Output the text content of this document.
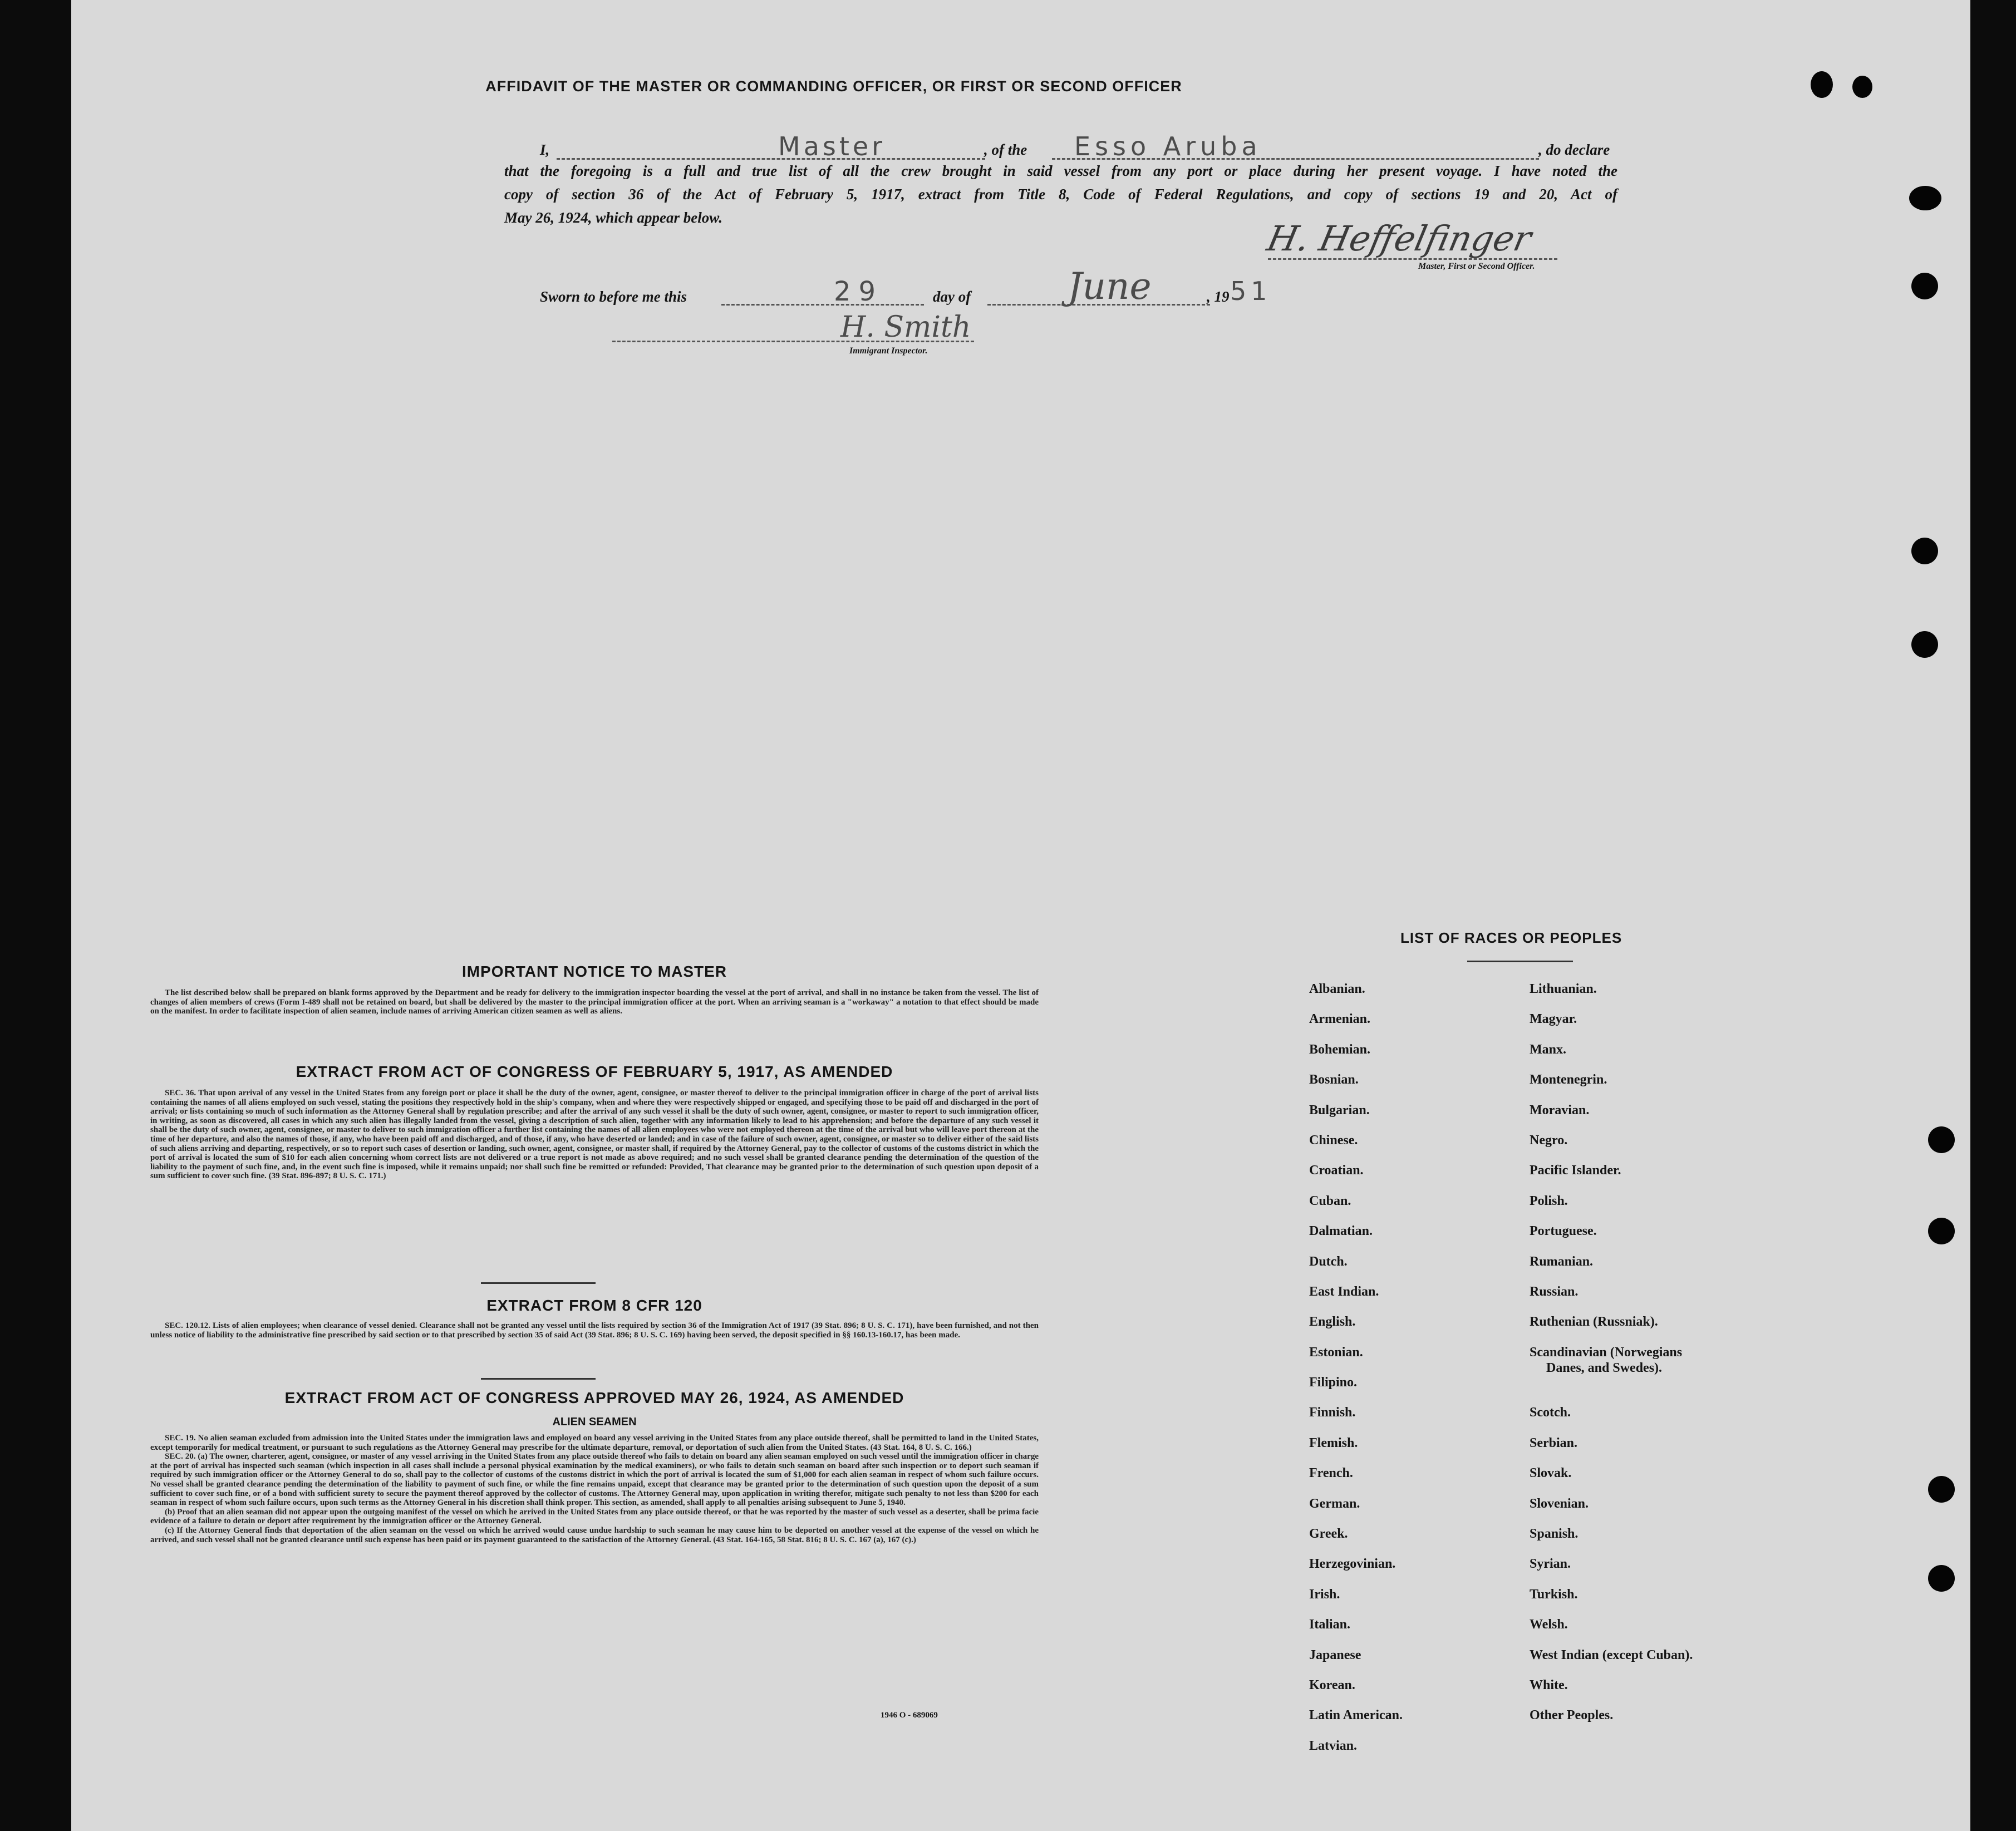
AFFIDAVIT OF THE MASTER OR COMMANDING OFFICER, OR FIRST OR SECOND OFFICER
I,	Master	, of the Esso Aruba	, do declare
that the foregoing is a full and true list of all the crew brought in said vessel from any port or place during her present voyage. I have noted the
copy of section 36 of the Act of February 5, 1917, extract from Title 8, Code of Federal Regulations, and copy of sections 19 and 20, Act of
May 26, 1924, which appear below.
H. Heffelfinger
Master, First or Second Officer.
Sworn to before me this	29	day of	June	, 19 51
H. Smith
Immigrant Inspector.
IMPORTANT NOTICE TO MASTER

The list described below shall be prepared on blank forms approved by the Department and be ready for delivery to the immigration inspector boarding the vessel at the port of arrival, and shall in no instance be taken from the vessel. The list of changes of alien members of crews (Form I-489 shall not be retained on board, but shall be delivered by the master to the principal immigration officer at the port. When an arriving seaman is a "workaway" a notation to that effect should be made on the manifest. In order to facilitate inspection of alien seamen, include names of arriving American citizen seamen as well as aliens.

EXTRACT FROM ACT OF CONGRESS OF FEBRUARY 5, 1917, AS AMENDED

SEC. 36. That upon arrival of any vessel in the United States from any foreign port or place it shall be the duty of the owner, agent, consignee, or master thereof to deliver to the principal immigration officer in charge of the port of arrival lists containing the names of all aliens employed on such vessel, stating the positions they respectively hold in the ship's company, when and where they were respectively shipped or engaged, and specifying those to be paid off and discharged in the port of arrival; or lists containing so much of such information as the Attorney General shall by regulation prescribe; and after the arrival of any such vessel it shall be the duty of such owner, agent, consignee, or master to report to such immigration officer, in writing, as soon as discovered, all cases in which any such alien has illegally landed from the vessel, giving a description of such alien, together with any information likely to lead to his apprehension; and before the departure of any such vessel it shall be the duty of such owner, agent, consignee, or master to deliver to such immigration officer a further list containing the names of all alien employees who were not employed thereon at the time of the arrival but who will leave port thereon at the time of her departure, and also the names of those, if any, who have been paid off and discharged, and of those, if any, who have deserted or landed; and in case of the failure of such owner, agent, consignee, or master so to deliver either of the said lists of such aliens arriving and departing, respectively, or so to report such cases of desertion or landing, such owner, agent, consignee, or master shall, if required by the Attorney General, pay to the collector of customs of the customs district in which the port of arrival is located the sum of $10 for each alien concerning whom correct lists are not delivered or a true report is not made as above required; and no such vessel shall be granted clearance pending the determination of the question of the liability to the payment of such fine, and, in the event such fine is imposed, while it remains unpaid; nor shall such fine be remitted or refunded: Provided, That clearance may be granted prior to the determination of such question upon deposit of a sum sufficient to cover such fine. (39 Stat. 896-897; 8 U. S. C. 171.)

EXTRACT FROM 8 CFR 120

SEC. 120.12. Lists of alien employees; when clearance of vessel denied. Clearance shall not be granted any vessel until the lists required by section 36 of the Immigration Act of 1917 (39 Stat. 896; 8 U. S. C. 171), have been furnished, and not then unless notice of liability to the administrative fine prescribed by said section or to that prescribed by section 35 of said Act (39 Stat. 896; 8 U. S. C. 169) having been served, the deposit specified in §§ 160.13-160.17, has been made.

EXTRACT FROM ACT OF CONGRESS APPROVED MAY 26, 1924, AS AMENDED
ALIEN SEAMEN

SEC. 19. No alien seaman excluded from admission into the United States under the immigration laws and employed on board any vessel arriving in the United States from any place outside thereof, shall be permitted to land in the United States, except temporarily for medical treatment, or pursuant to such regulations as the Attorney General may prescribe for the ultimate departure, removal, or deportation of such alien from the United States. (43 Stat. 164, 8 U. S. C. 166.)

SEC. 20. (a) The owner, charterer, agent, consignee, or master of any vessel arriving in the United States from any place outside thereof who fails to detain on board any alien seaman employed on such vessel until the immigration officer in charge at the port of arrival has inspected such seaman (which inspection in all cases shall include a personal physical examination by the medical examiners), or who fails to detain such seaman on board after such inspection or to deport such seaman if required by such immigration officer or the Attorney General to do so, shall pay to the collector of customs of the customs district in which the port of arrival is located the sum of $1,000 for each alien seaman in respect of whom such failure occurs. No vessel shall be granted clearance pending the determination of the liability to payment of such fine, or while the fine remains unpaid, except that clearance may be granted prior to the determination of such question upon the deposit of a sum sufficient to cover such fine, or of a bond with sufficient surety to secure the payment thereof approved by the collector of customs. The Attorney General may, upon application in writing therefor, mitigate such penalty to not less than $200 for each seaman in respect of whom such failure occurs, upon such terms as the Attorney General in his discretion shall think proper. This section, as amended, shall apply to all penalties arising subsequent to June 5, 1940.

(b) Proof that an alien seaman did not appear upon the outgoing manifest of the vessel on which he arrived in the United States from any place outside thereof, or that he was reported by the master of such vessel as a deserter, shall be prima facie evidence of a failure to detain or deport after requirement by the immigration officer or the Attorney General.

(c) If the Attorney General finds that deportation of the alien seaman on the vessel on which he arrived would cause undue hardship to such seaman he may cause him to be deported on another vessel at the expense of the vessel on which he arrived, and such vessel shall not be granted clearance until such expense has been paid or its payment guaranteed to the satisfaction of the Attorney General. (43 Stat. 164-165, 58 Stat. 816; 8 U. S. C. 167 (a), 167 (c).)

1946 O - 689069
LIST OF RACES OR PEOPLES
Albanian.
Armenian.
Bohemian.
Bosnian.
Bulgarian.
Chinese.
Croatian.
Cuban.
Dalmatian.
Dutch.
East Indian.
English.
Estonian.
Filipino.
Finnish.
Flemish.
French.
German.
Greek.
Herzegovinian.
Irish.
Italian.
Japanese
Korean.
Latin American.
Latvian.
Lithuanian.
Magyar.
Manx.
Montenegrin.
Moravian.
Negro.
Pacific Islander.
Polish.
Portuguese.
Rumanian.
Russian.
Ruthenian (Russniak).
Scandinavian (Norwegians
Danes, and Swedes).
Scotch.
Serbian.
Slovak.
Slovenian.
Spanish.
Syrian.
Turkish.
Welsh.
West Indian (except Cuban).
White.
Other Peoples.
